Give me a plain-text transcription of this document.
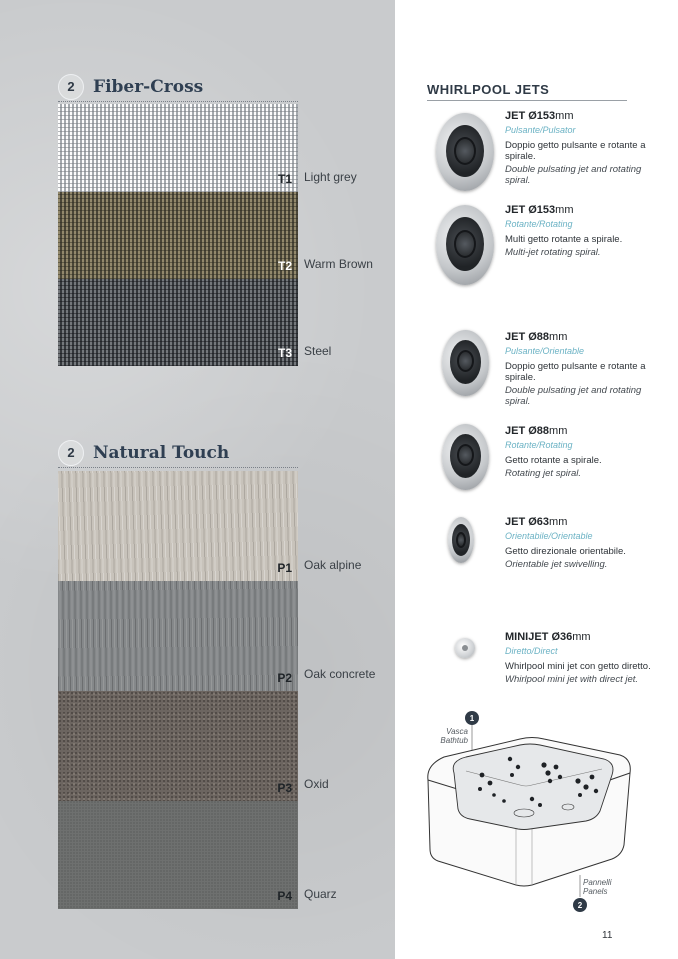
2	Fiber-Cross
T1 Light grey
T2 Warm Brown
T3 Steel
2	Natural Touch
P1 Oak alpine
P2 Oak concrete
P3 Oxid
P4 Quarz
WHIRLPOOL JETS
JET Ø153mm
Pulsante/Pulsator
Doppio getto pulsante e rotante a spirale.
Double pulsating jet and rotating spiral.
JET Ø153mm
Rotante/Rotating
Multi getto rotante a spirale.
Multi-jet rotating spiral.
JET Ø88mm
Pulsante/Orientable
Doppio getto pulsante e rotante a spirale.
Double pulsating jet and rotating spiral.
JET Ø88mm
Rotante/Rotating
Getto rotante a spirale.
Rotating jet spiral.
JET Ø63mm
Orientabile/Orientable
Getto direzionale orientabile.
Orientable jet swivelling.
MINIJET Ø36mm
Diretto/Direct
Whirlpool mini jet con getto diretto.
Whirlpool mini jet with direct jet.
1
Vasca
Bathtub
Pannelli
Panels
2
11
